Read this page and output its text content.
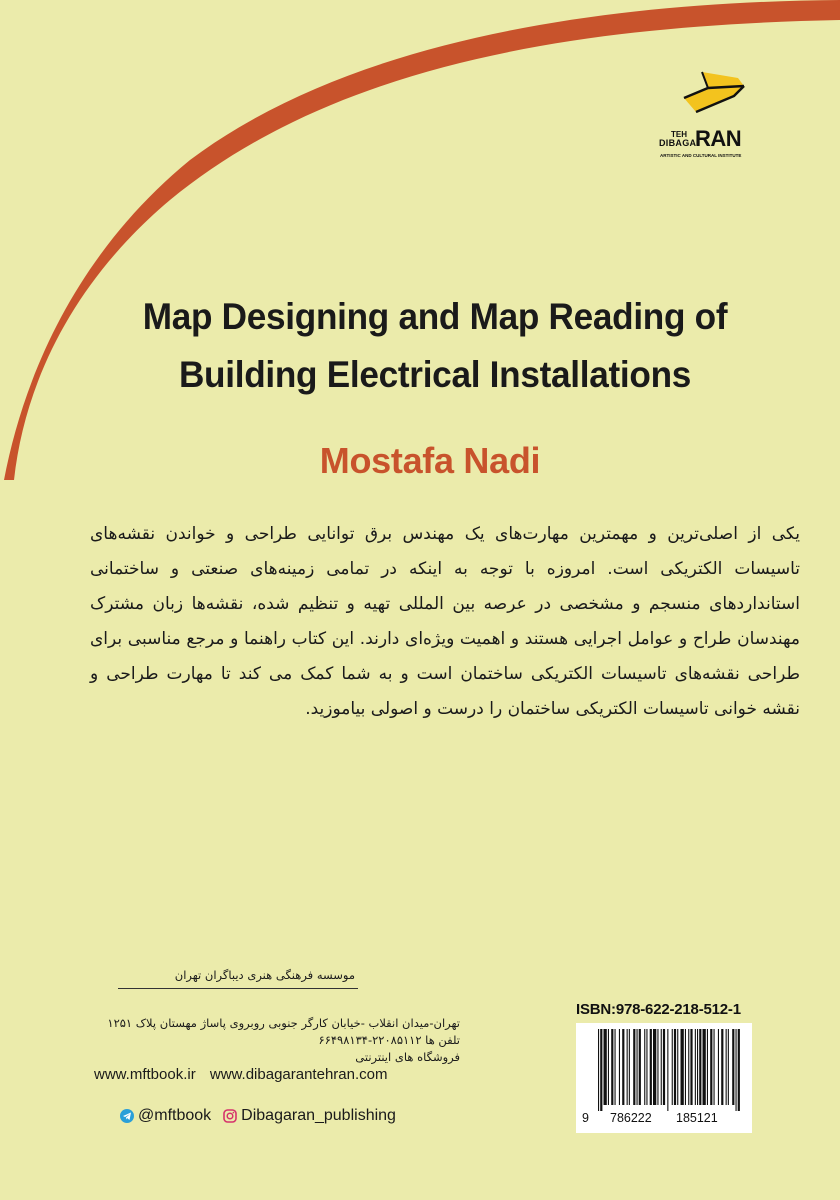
TEH
DIBAGA
RAN
ARTISTIC AND CULTURAL INSTITUTE
Map Designing and Map Reading of
Building Electrical Installations
Mostafa Nadi
یکی از اصلی‌ترین و مهمترین مهارت‌های یک مهندس برق توانایی طراحی و خواندن نقشه‌های تاسیسات الکتریکی است. امروزه با توجه به اینکه در تمامی زمینه‌های صنعتی و ساختمانی استانداردهای منسجم و مشخصی در عرصه بین المللی تهیه و تنظیم شده، نقشه‌ها زبان مشترک مهندسان طراح و عوامل اجرایی هستند و اهمیت ویژه‌ای دارند. این کتاب راهنما و مرجع مناسبی برای طراحی نقشه‌های تاسیسات الکتریکی ساختمان است و به شما کمک می کند تا مهارت طراحی و نقشه خوانی تاسیسات الکتریکی ساختمان را درست و اصولی بیاموزید.
موسسه فرهنگی هنری دیباگران تهران
تهران-میدان انقلاب -خیابان کارگر جنوبی روبروی پاساژ مهستان پلاک ۱۲۵۱
تلفن ها ۲۲۰۸۵۱۱۲-۶۶۴۹۸۱۳۴
فروشگاه های اینترنتی
www.mftbook.ir www.dibagarantehran.com
@mftbook Dibagaran_publishing
ISBN:978-622-218-512-1
9 786222 185121
